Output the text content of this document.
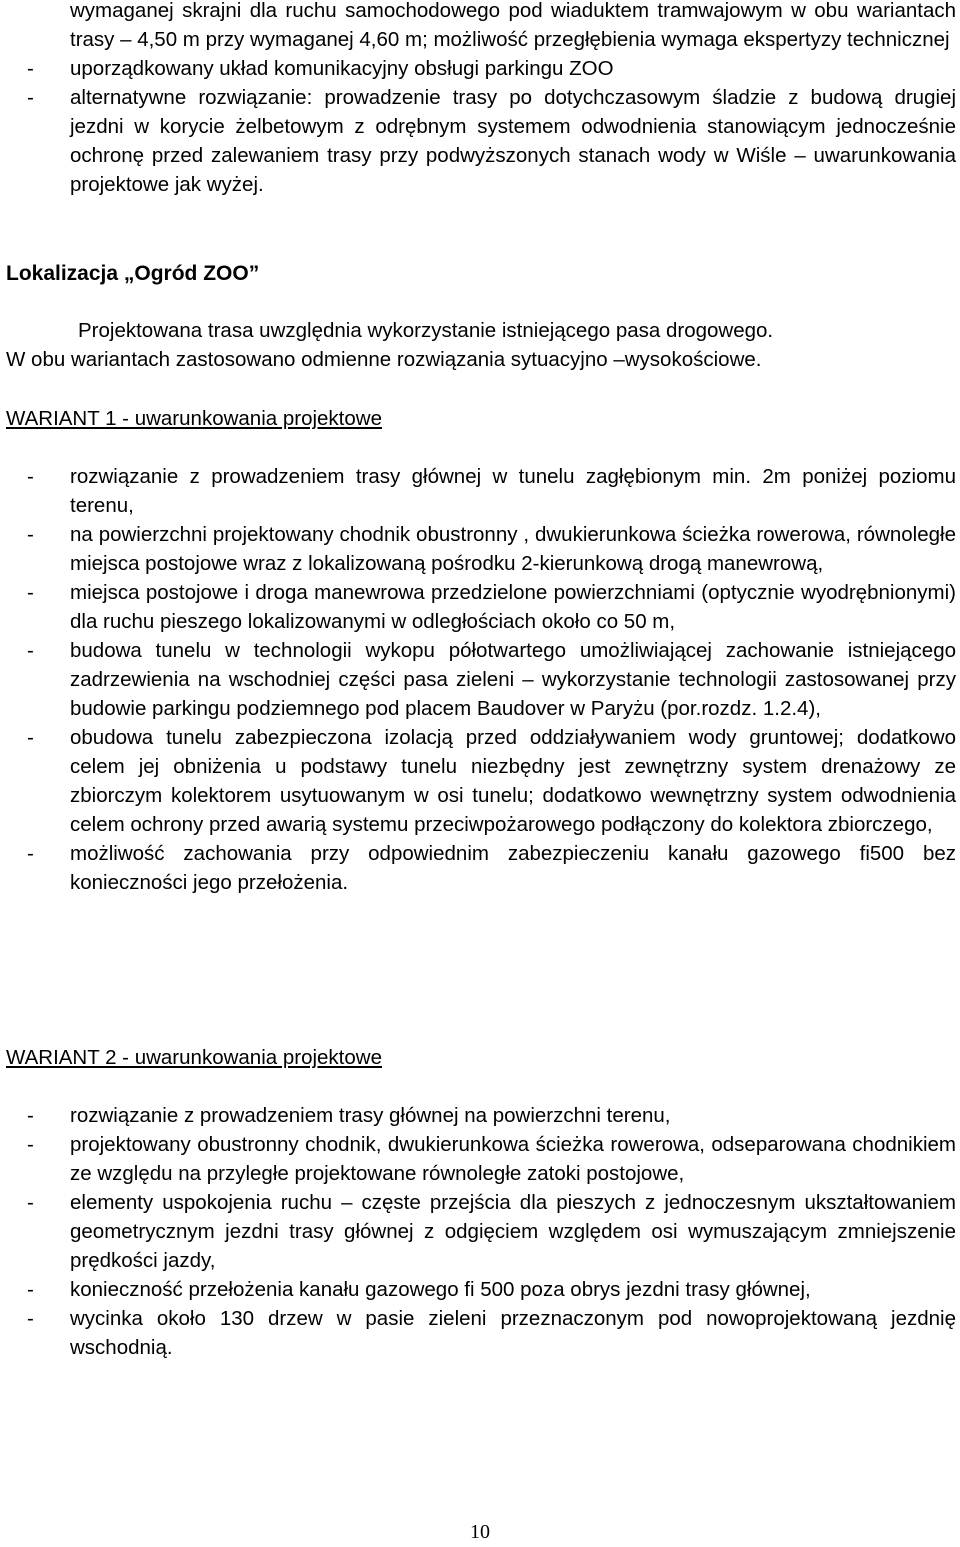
wymaganej skrajni dla ruchu samochodowego pod wiaduktem tramwajowym w obu wariantach trasy – 4,50 m przy wymaganej 4,60 m; możliwość przegłębienia wymaga ekspertyzy technicznej
- uporządkowany układ komunikacyjny obsługi parkingu ZOO
- alternatywne rozwiązanie: prowadzenie trasy po dotychczasowym śladzie z budową drugiej jezdni w korycie żelbetowym z odrębnym systemem odwodnienia stanowiącym jednocześnie ochronę przed zalewaniem trasy przy podwyższonych stanach wody w Wiśle – uwarunkowania projektowe jak wyżej.
Lokalizacja „Ogród ZOO”
Projektowana trasa uwzględnia wykorzystanie istniejącego pasa drogowego.
W obu wariantach zastosowano odmienne rozwiązania sytuacyjno –wysokościowe.
WARIANT 1 - uwarunkowania projektowe
- rozwiązanie z prowadzeniem trasy głównej w tunelu zagłębionym min. 2m poniżej poziomu terenu,
- na powierzchni projektowany chodnik obustronny , dwukierunkowa ścieżka rowerowa, równoległe miejsca postojowe wraz z lokalizowaną pośrodku 2-kierunkową drogą manewrową,
- miejsca postojowe i droga manewrowa przedzielone powierzchniami (optycznie wyodrębnionymi) dla ruchu pieszego lokalizowanymi w odległościach około co 50 m,
- budowa tunelu w technologii wykopu półotwartego umożliwiającej zachowanie istniejącego zadrzewienia na wschodniej części pasa zieleni – wykorzystanie technologii zastosowanej przy budowie parkingu podziemnego pod placem Baudover w Paryżu (por.rozdz. 1.2.4),
- obudowa tunelu zabezpieczona izolacją przed oddziaływaniem wody gruntowej; dodatkowo celem jej obniżenia u podstawy tunelu niezbędny jest zewnętrzny system drenażowy ze zbiorczym kolektorem usytuowanym w osi tunelu; dodatkowo wewnętrzny system odwodnienia celem ochrony przed awarią systemu przeciwpożarowego podłączony do kolektora zbiorczego,
- możliwość zachowania przy odpowiednim zabezpieczeniu kanału gazowego fi500 bez konieczności jego przełożenia.
WARIANT 2 - uwarunkowania projektowe
- rozwiązanie z prowadzeniem trasy głównej na powierzchni terenu,
- projektowany obustronny chodnik, dwukierunkowa ścieżka rowerowa, odseparowana chodnikiem ze względu na przyległe projektowane równoległe zatoki postojowe,
- elementy uspokojenia ruchu – częste przejścia dla pieszych z jednoczesnym ukształtowaniem geometrycznym jezdni trasy głównej z odgięciem względem osi wymuszającym zmniejszenie prędkości jazdy,
- konieczność przełożenia kanału gazowego fi 500 poza obrys jezdni trasy głównej,
- wycinka około 130 drzew w pasie zieleni przeznaczonym pod nowoprojektowaną jezdnię wschodnią.
10
